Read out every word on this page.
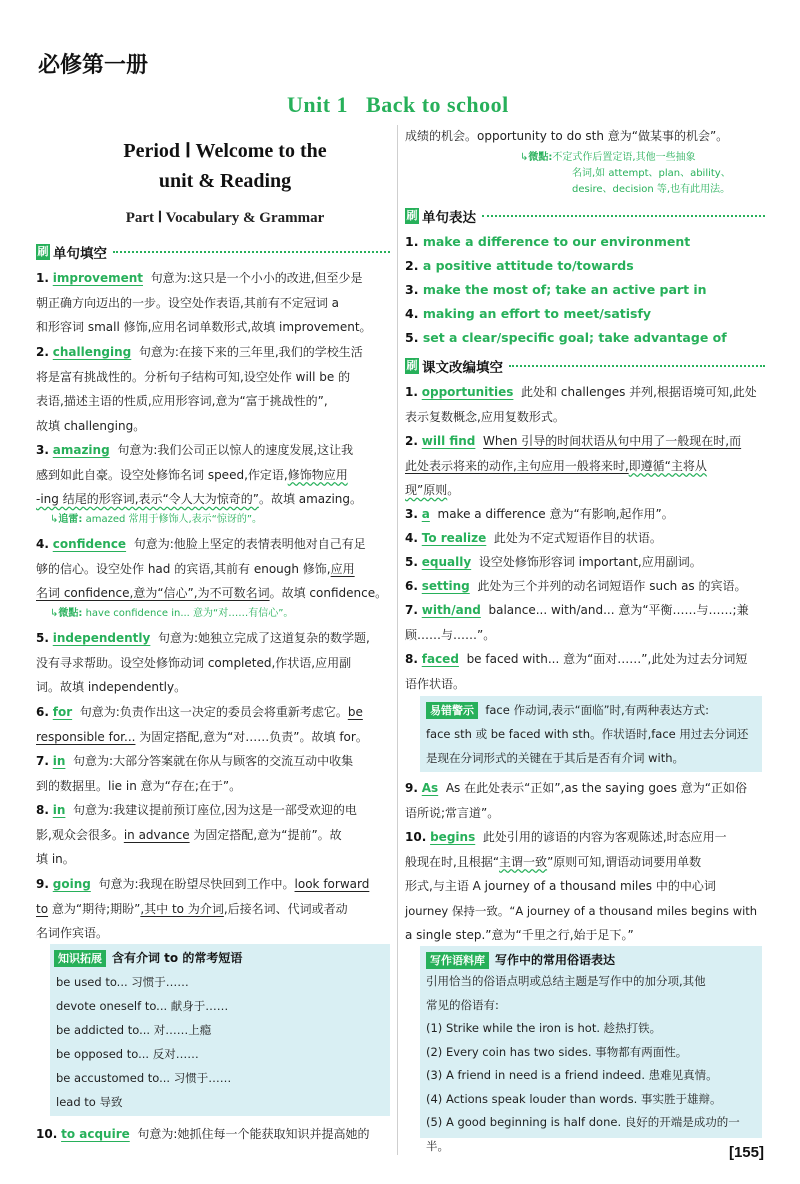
必修第一册
Unit 1   Back to school
Period Ⅰ Welcome to the
unit & Reading
Part Ⅰ Vocabulary & Grammar
刷 单句填空
1. improvement 句意为:这只是一个小小的改进,但至少是
朝正确方向迈出的一步。设空处作表语,其前有不定冠词 a
和形容词 small 修饰,应用名词单数形式,故填 improvement。
2. challenging 句意为:在接下来的三年里,我们的学校生活
将是富有挑战性的。分析句子结构可知,设空处作 will be 的
表语,描述主语的性质,应用形容词,意为“富于挑战性的”,
故填 challenging。
3. amazing 句意为:我们公司正以惊人的速度发展,这让我
感到如此自豪。设空处修饰名词 speed,作定语,修饰物应用
-ing 结尾的形容词,表示“令人大为惊奇的”。故填 amazing。
↳追雷: amazed 常用于修饰人,表示“惊讶的”。
4. confidence 句意为:他脸上坚定的表情表明他对自己有足
够的信心。设空处作 had 的宾语,其前有 enough 修饰,应用
名词 confidence,意为“信心”,为不可数名词。故填 confidence。
↳微點: have confidence in... 意为“对……有信心”。
5. independently 句意为:她独立完成了这道复杂的数学题,
没有寻求帮助。设空处修饰动词 completed,作状语,应用副
词。故填 independently。
6. for 句意为:负责作出这一决定的委员会将重新考虑它。be
responsible for... 为固定搭配,意为“对……负责”。故填 for。
7. in 句意为:大部分答案就在你从与顾客的交流互动中收集
到的数据里。lie in 意为“存在;在于”。
8. in 句意为:我建议提前预订座位,因为这是一部受欢迎的电
影,观众会很多。in advance 为固定搭配,意为“提前”。故
填 in。
9. going 句意为:我现在盼望尽快回到工作中。look forward
to 意为“期待;期盼”,其中 to 为介词,后接名词、代词或者动
名词作宾语。
知识拓展 含有介词 to 的常考短语
be used to... 习惯于……
devote oneself to... 献身于……
be addicted to... 对……上瘾
be opposed to... 反对……
be accustomed to... 习惯于……
lead to 导致
10. to acquire 句意为:她抓住每一个能获取知识并提高她的
成绩的机会。opportunity to do sth 意为“做某事的机会”。
↳微點:不定式作后置定语,其他一些抽象
名词,如 attempt、plan、ability、
desire、decision 等,也有此用法。
刷 单句表达
1. make a difference to our environment
2. a positive attitude to/towards
3. make the most of; take an active part in
4. making an effort to meet/satisfy
5. set a clear/specific goal; take advantage of
刷 课文改编填空
1. opportunities 此处和 challenges 并列,根据语境可知,此处
表示复数概念,应用复数形式。
2. will find When 引导的时间状语从句中用了一般现在时,而
此处表示将来的动作,主句应用一般将来时,即遵循“主将从
现”原则。
3. a make a difference 意为“有影响,起作用”。
4. To realize 此处为不定式短语作目的状语。
5. equally 设空处修饰形容词 important,应用副词。
6. setting 此处为三个并列的动名词短语作 such as 的宾语。
7. with/and balance... with/and... 意为“平衡……与……;兼
顾……与……”。
8. faced be faced with... 意为“面对……”,此处为过去分词短
语作状语。
易错警示 face 作动词,表示“面临”时,有两种表达方式:
face sth 或 be faced with sth。作状语时,face 用过去分词还
是现在分词形式的关键在于其后是否有介词 with。
9. As As 在此处表示“正如”,as the saying goes 意为“正如俗
语所说;常言道”。
10. begins 此处引用的谚语的内容为客观陈述,时态应用一
般现在时,且根据“主谓一致”原则可知,谓语动词要用单数
形式,与主语 A journey of a thousand miles 中的中心词
journey 保持一致。“A journey of a thousand miles begins with
a single step.”意为“千里之行,始于足下。”
写作语料库 写作中的常用俗语表达
引用恰当的俗语点明或总结主题是写作中的加分项,其他
常见的俗语有:
(1) Strike while the iron is hot. 趁热打铁。
(2) Every coin has two sides. 事物都有两面性。
(3) A friend in need is a friend indeed. 患难见真情。
(4) Actions speak louder than words. 事实胜于雄辩。
(5) A good beginning is half done. 良好的开端是成功的一半。	[155]
